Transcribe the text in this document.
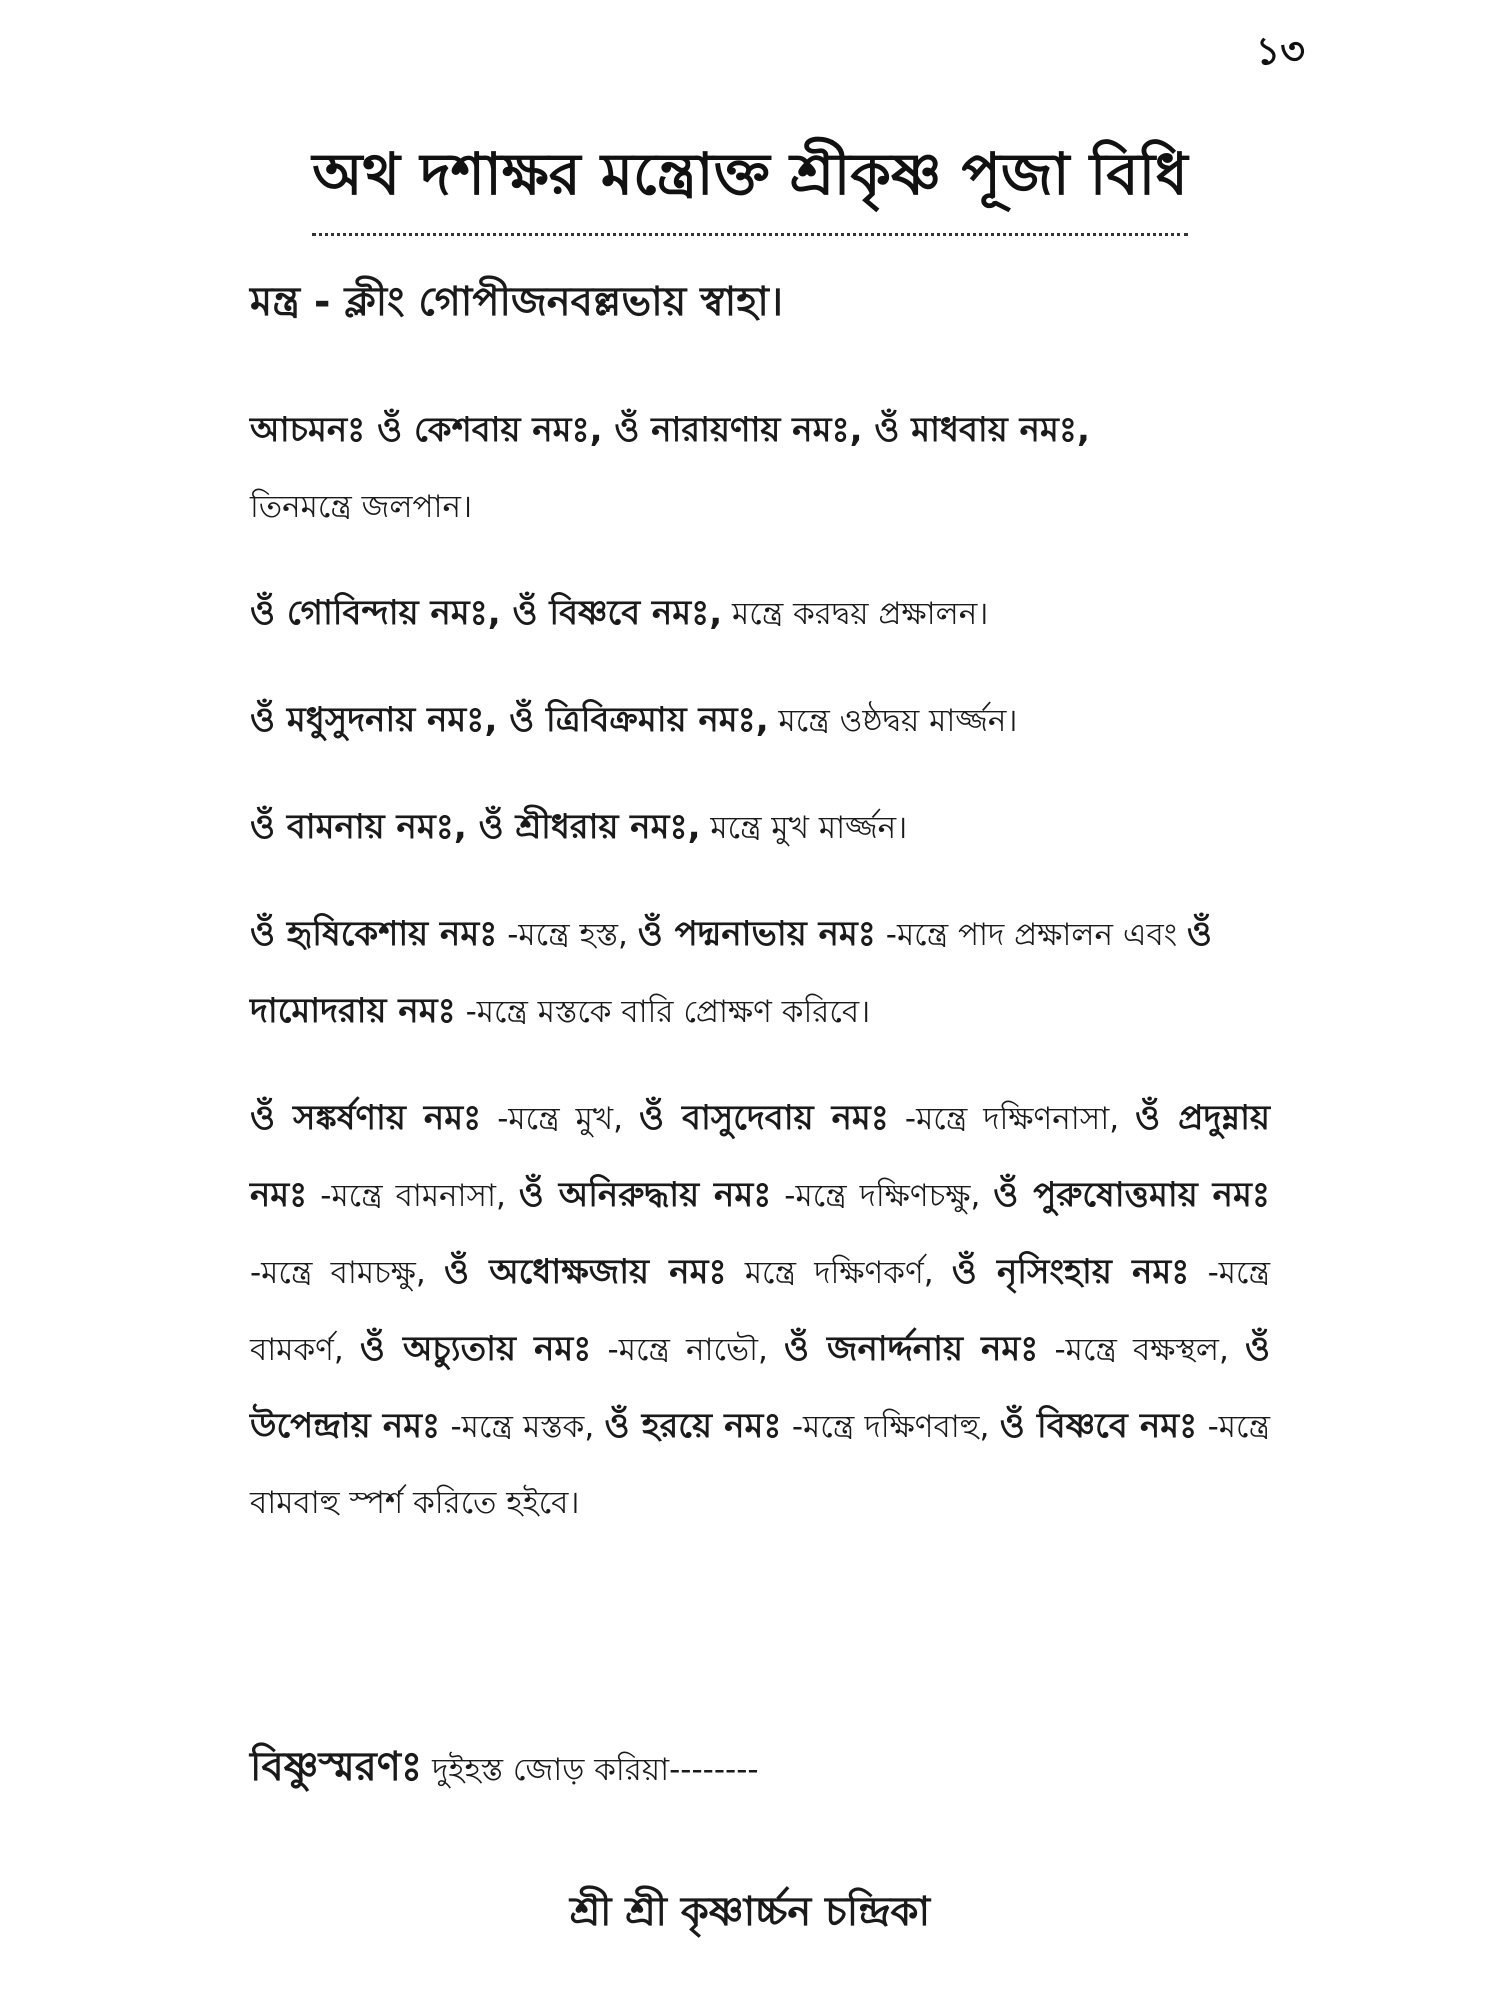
১৩
অথ দশাক্ষর মন্ত্রোক্ত শ্রীকৃষ্ণ পূজা বিধি

মন্ত্র - ক্লীং গোপীজনবল্লভায় স্বাহা।

আচমনঃ ওঁ কেশবায় নমঃ, ওঁ নারায়ণায় নমঃ, ওঁ মাধবায় নমঃ,
তিনমন্ত্রে জলপান।

ওঁ গোবিন্দায় নমঃ, ওঁ বিষ্ণবে নমঃ, মন্ত্রে করদ্বয় প্রক্ষালন।

ওঁ মধুসুদনায় নমঃ, ওঁ ত্রিবিক্রমায় নমঃ, মন্ত্রে ওষ্ঠদ্বয় মার্জ্জন।

ওঁ বামনায় নমঃ, ওঁ শ্রীধরায় নমঃ, মন্ত্রে মুখ মার্জ্জন।

ওঁ হৃষিকেশায় নমঃ -মন্ত্রে হস্ত, ওঁ পদ্মনাভায় নমঃ -মন্ত্রে পাদ প্রক্ষালন এবং ওঁ দামোদরায় নমঃ -মন্ত্রে মস্তকে বারি প্রোক্ষণ করিবে।

ওঁ সঙ্কর্ষণায় নমঃ -মন্ত্রে মুখ, ওঁ বাসুদেবায় নমঃ -মন্ত্রে দক্ষিণনাসা, ওঁ প্রদুম্নায় নমঃ -মন্ত্রে বামনাসা, ওঁ অনিরুদ্ধায় নমঃ -মন্ত্রে দক্ষিণচক্ষু, ওঁ পুরুষোত্তমায় নমঃ -মন্ত্রে বামচক্ষু, ওঁ অধোক্ষজায় নমঃ মন্ত্রে দক্ষিণকর্ণ, ওঁ নৃসিংহায় নমঃ -মন্ত্রে বামকর্ণ, ওঁ অচ্যুতায় নমঃ -মন্ত্রে নাভৌ, ওঁ জনার্দ্দনায় নমঃ -মন্ত্রে বক্ষস্থল, ওঁ উপেন্দ্রায় নমঃ -মন্ত্রে মস্তক, ওঁ হরয়ে নমঃ -মন্ত্রে দক্ষিণবাহু, ওঁ বিষ্ণবে নমঃ -মন্ত্রে বামবাহু স্পর্শ করিতে হইবে।

বিষ্ণুস্মরণঃ দুইহস্ত জোড় করিয়া--------

শ্রী শ্রী কৃষ্ণার্চ্চন চন্দ্রিকা
